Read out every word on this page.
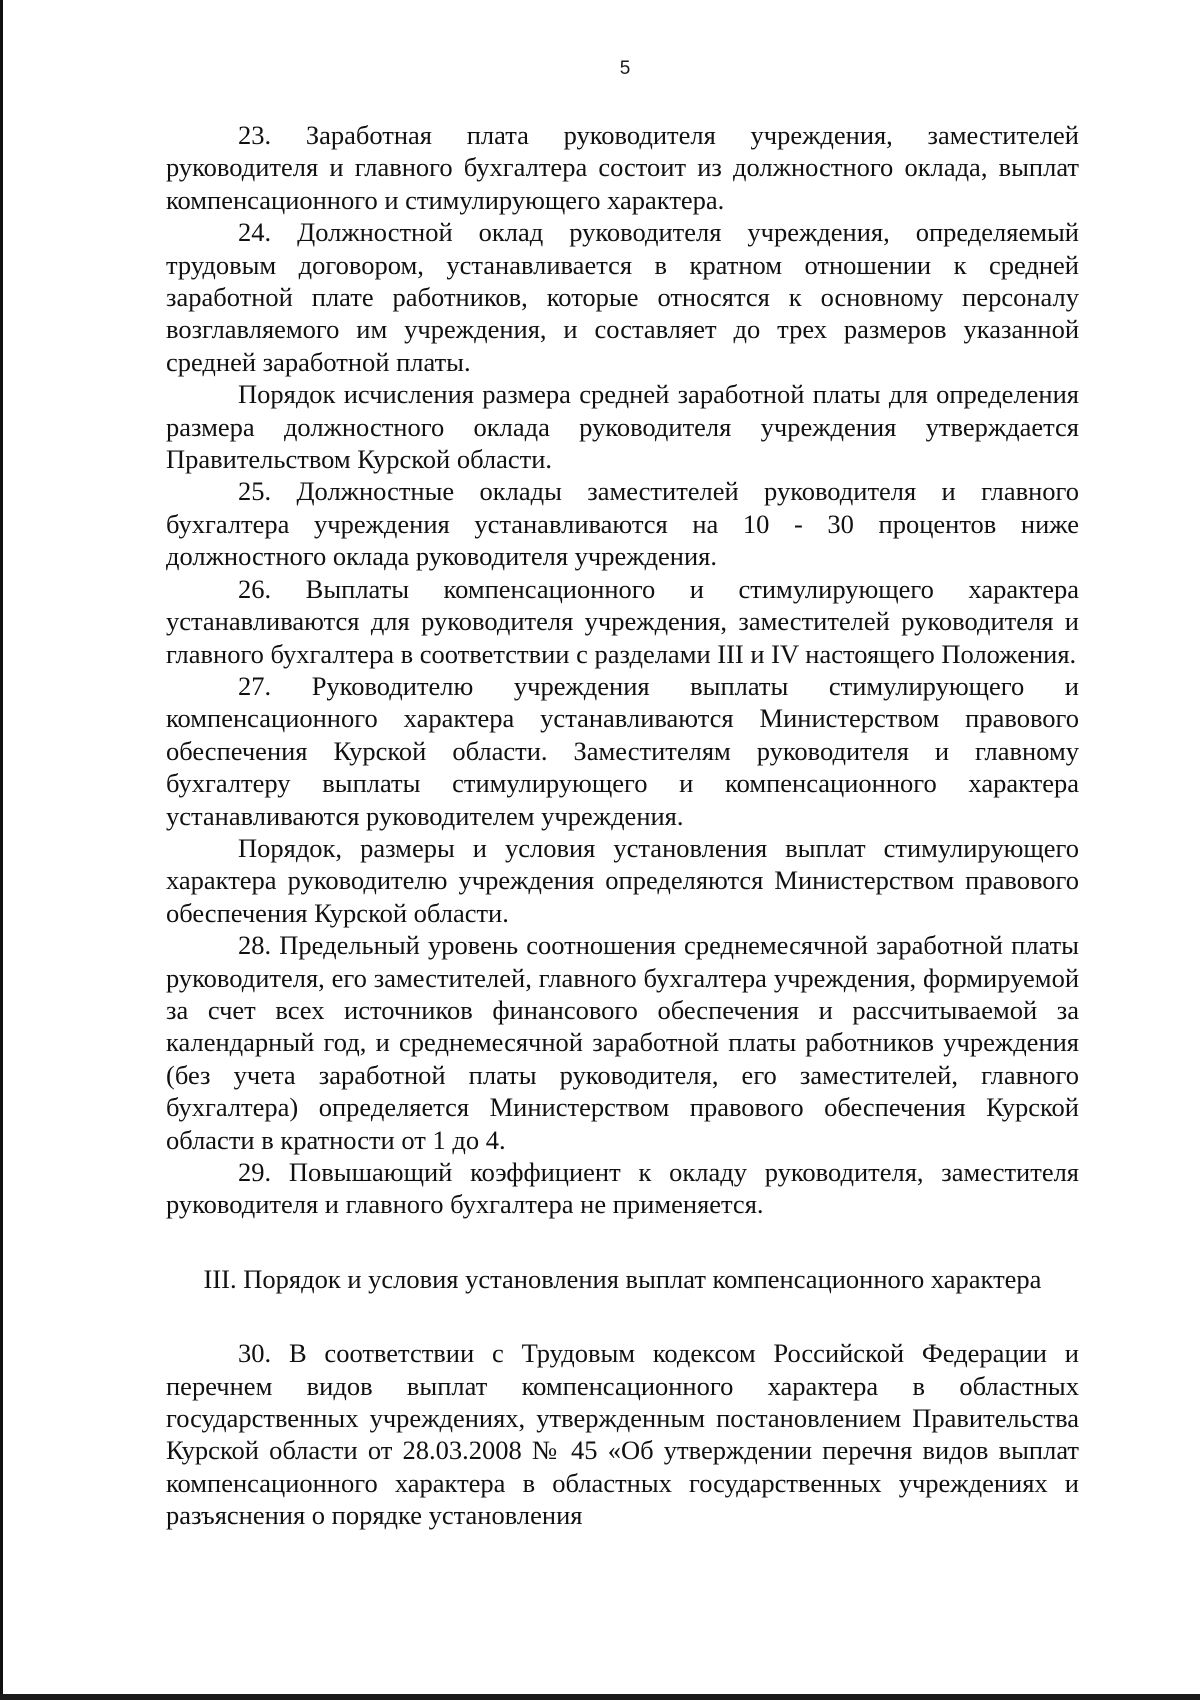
5

23. Заработная плата руководителя учреждения, заместителей руководителя и главного бухгалтера состоит из должностного оклада, выплат компенсационного и стимулирующего характера.

24. Должностной оклад руководителя учреждения, определяемый трудовым договором, устанавливается в кратном отношении к средней заработной плате работников, которые относятся к основному персоналу возглавляемого им учреждения, и составляет до трех размеров указанной средней заработной платы.

Порядок исчисления размера средней заработной платы для определения размера должностного оклада руководителя учреждения утверждается Правительством Курской области.

25. Должностные оклады заместителей руководителя и главного бухгалтера учреждения устанавливаются на 10 - 30 процентов ниже должностного оклада руководителя учреждения.

26. Выплаты компенсационного и стимулирующего характера устанавливаются для руководителя учреждения, заместителей руководителя и главного бухгалтера в соответствии с разделами III и IV настоящего Положения.

27. Руководителю учреждения выплаты стимулирующего и компенсационного характера устанавливаются Министерством правового обеспечения Курской области. Заместителям руководителя и главному бухгалтеру выплаты стимулирующего и компенсационного характера устанавливаются руководителем учреждения.

Порядок, размеры и условия установления выплат стимулирующего характера руководителю учреждения определяются Министерством правового обеспечения Курской области.

28. Предельный уровень соотношения среднемесячной заработной платы руководителя, его заместителей, главного бухгалтера учреждения, формируемой за счет всех источников финансового обеспечения и рассчитываемой за календарный год, и среднемесячной заработной платы работников учреждения (без учета заработной платы руководителя, его заместителей, главного бухгалтера) определяется Министерством правового обеспечения Курской области в кратности от 1 до 4.

29. Повышающий коэффициент к окладу руководителя, заместителя руководителя и главного бухгалтера не применяется.

III. Порядок и условия установления выплат компенсационного характера

30. В соответствии с Трудовым кодексом Российской Федерации и перечнем видов выплат компенсационного характера в областных государственных учреждениях, утвержденным постановлением Правительства Курской области от 28.03.2008 № 45 «Об утверждении перечня видов выплат компенсационного характера в областных государственных учреждениях и разъяснения о порядке установления
